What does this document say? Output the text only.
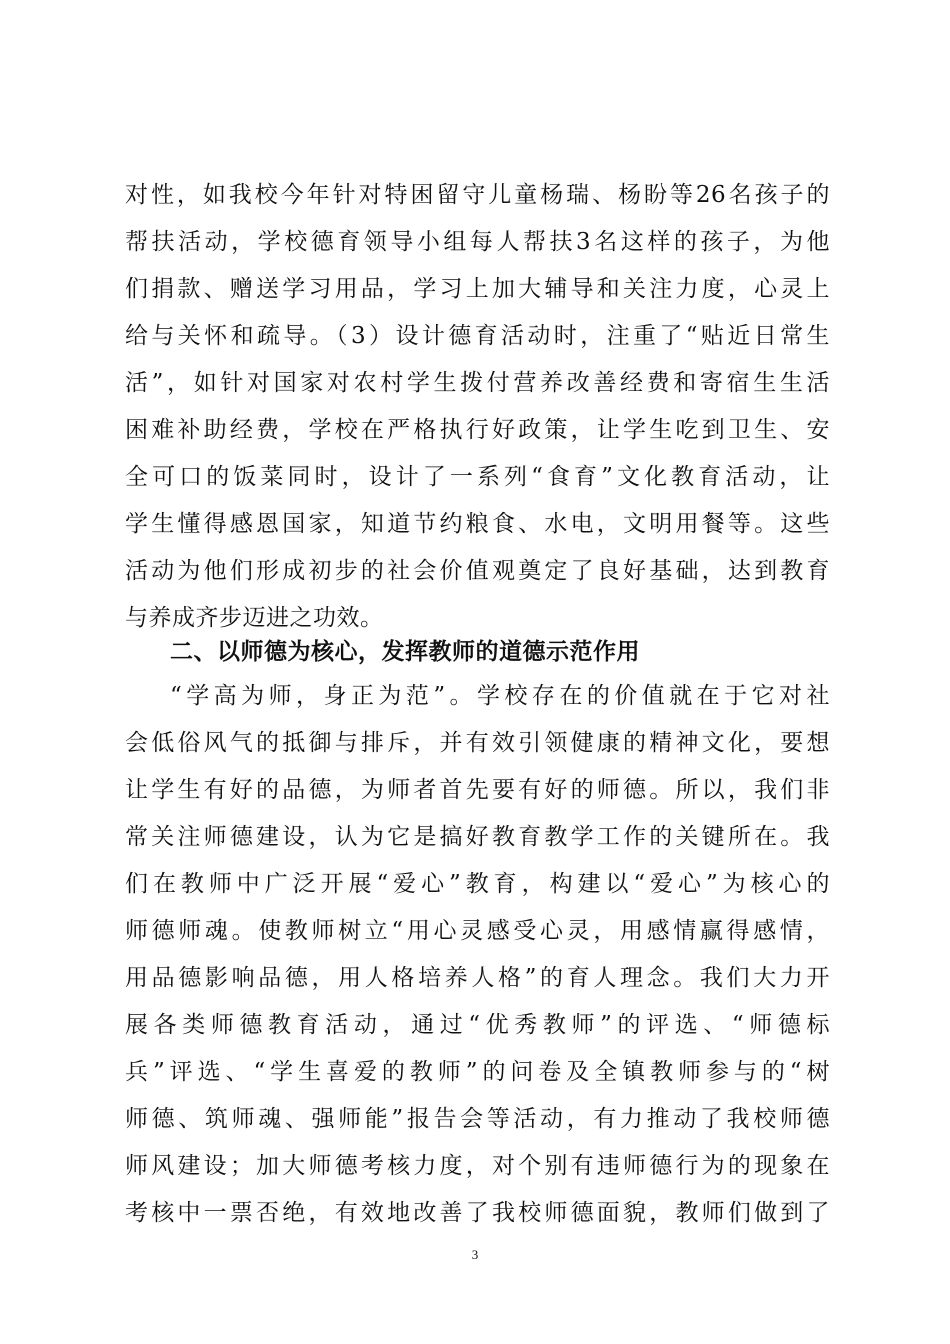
对性，如我校今年针对特困留守儿童杨瑞、杨盼等26名孩子的
帮扶活动，学校德育领导小组每人帮扶3名这样的孩子，为他
们捐款、赠送学习用品，学习上加大辅导和关注力度，心灵上
给与关怀和疏导。（3）设计德育活动时，注重了“贴近日常生
活”，如针对国家对农村学生拨付营养改善经费和寄宿生生活
困难补助经费，学校在严格执行好政策，让学生吃到卫生、安
全可口的饭菜同时，设计了一系列“食育”文化教育活动，让
学生懂得感恩国家，知道节约粮食、水电，文明用餐等。这些
活动为他们形成初步的社会价值观奠定了良好基础，达到教育
与养成齐步迈进之功效。
二、以师德为核心，发挥教师的道德示范作用
“学高为师，身正为范”。学校存在的价值就在于它对社
会低俗风气的抵御与排斥，并有效引领健康的精神文化，要想
让学生有好的品德，为师者首先要有好的师德。所以，我们非
常关注师德建设，认为它是搞好教育教学工作的关键所在。我
们在教师中广泛开展“爱心”教育，构建以“爱心”为核心的
师德师魂。使教师树立“用心灵感受心灵，用感情赢得感情，
用品德影响品德，用人格培养人格”的育人理念。我们大力开
展各类师德教育活动，通过“优秀教师”的评选、“师德标
兵”评选、“学生喜爱的教师”的问卷及全镇教师参与的“树
师德、筑师魂、强师能”报告会等活动，有力推动了我校师德
师风建设；加大师德考核力度，对个别有违师德行为的现象在
考核中一票否绝，有效地改善了我校师德面貌，教师们做到了
3
